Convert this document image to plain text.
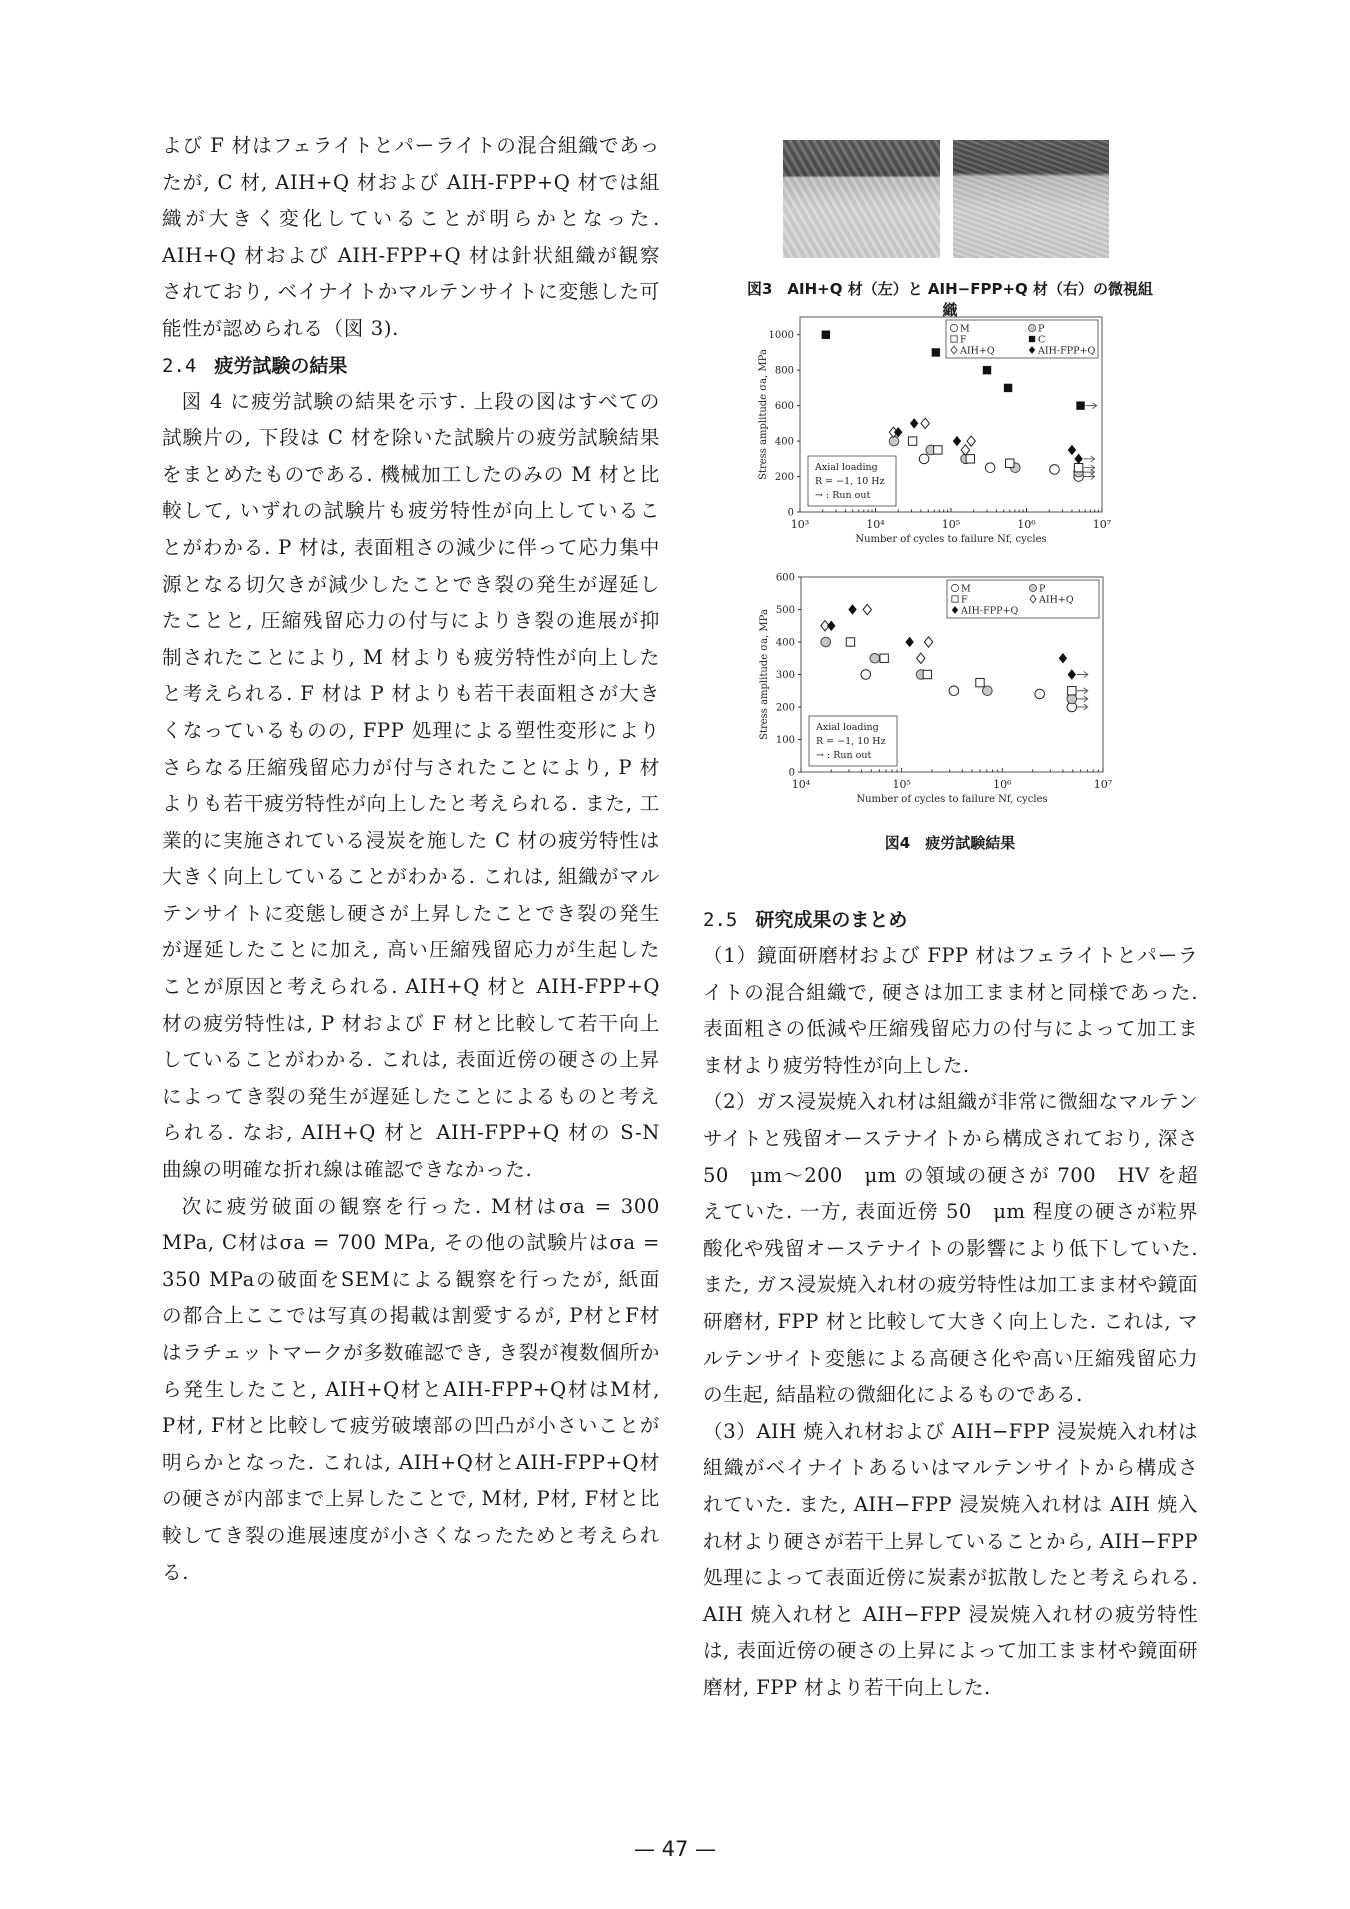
よび F 材はフェライトとパーライトの混合組織であったが, C 材, AIH+Q 材および AIH-FPP+Q 材では組織が大きく変化していることが明らかとなった. AIH+Q 材および AIH-FPP+Q 材は針状組織が観察されており, ベイナイトかマルテンサイトに変態した可能性が認められる（図 3).

2.4 疲労試験の結果

図 4 に疲労試験の結果を示す. 上段の図はすべての試験片の, 下段は C 材を除いた試験片の疲労試験結果をまとめたものである. 機械加工したのみの M 材と比較して, いずれの試験片も疲労特性が向上していることがわかる. P 材は, 表面粗さの減少に伴って応力集中源となる切欠きが減少したことでき裂の発生が遅延したことと, 圧縮残留応力の付与によりき裂の進展が抑制されたことにより, M 材よりも疲労特性が向上したと考えられる. F 材は P 材よりも若干表面粗さが大きくなっているものの, FPP 処理による塑性変形によりさらなる圧縮残留応力が付与されたことにより, P 材よりも若干疲労特性が向上したと考えられる. また, 工業的に実施されている浸炭を施した C 材の疲労特性は大きく向上していることがわかる. これは, 組織がマルテンサイトに変態し硬さが上昇したことでき裂の発生が遅延したことに加え, 高い圧縮残留応力が生起したことが原因と考えられる. AIH+Q 材と AIH-FPP+Q 材の疲労特性は, P 材および F 材と比較して若干向上していることがわかる. これは, 表面近傍の硬さの上昇によってき裂の発生が遅延したことによるものと考えられる. なお, AIH+Q 材と AIH-FPP+Q 材の S-N 曲線の明確な折れ線は確認できなかった.

次に疲労破面の観察を行った. M材はσa = 300 MPa, C材はσa = 700 MPa, その他の試験片はσa = 350 MPaの破面をSEMによる観察を行ったが, 紙面の都合上ここでは写真の掲載は割愛するが, P材とF材はラチェットマークが多数確認でき, き裂が複数個所から発生したこと, AIH+Q材とAIH-FPP+Q材はM材, P材, F材と比較して疲労破壊部の凹凸が小さいことが明らかとなった. これは, AIH+Q材とAIH-FPP+Q材の硬さが内部まで上昇したことで, M材, P材, F材と比較してき裂の進展速度が小さくなったためと考えられる.

図3　AIH+Q 材（左）と AIH−FPP+Q 材（右）の微視組織
0
200
400
600
800
1000
10³	10⁴	10⁵	10⁶	10⁷
Number of cycles to failure Nf, cycles
Stress amplitude σa, MPa	Axial loading
R = −1, 10 Hz
→ : Run out
M	P
F	C
AIH+Q	AIH-FPP+Q
0
100
200
300
400
500
600
10⁴	10⁵	10⁶	10⁷
Number of cycles to failure Nf, cycles
Stress amplitude σa, MPa	Axial loading
R = −1, 10 Hz
→ : Run out
M	P
F	AIH+Q
AIH-FPP+Q
図4　疲労試験結果
2.5 研究成果のまとめ

（1）鏡面研磨材および FPP 材はフェライトとパーライトの混合組織で, 硬さは加工まま材と同様であった. 表面粗さの低減や圧縮残留応力の付与によって加工まま材より疲労特性が向上した.

（2）ガス浸炭焼入れ材は組織が非常に微細なマルテンサイトと残留オーステナイトから構成されており, 深さ 50　μm～200　μm の領域の硬さが 700　HV を超えていた. 一方, 表面近傍 50　μm 程度の硬さが粒界酸化や残留オーステナイトの影響により低下していた. また, ガス浸炭焼入れ材の疲労特性は加工まま材や鏡面研磨材, FPP 材と比較して大きく向上した. これは, マルテンサイト変態による高硬さ化や高い圧縮残留応力の生起, 結晶粒の微細化によるものである.

（3）AIH 焼入れ材および AIH−FPP 浸炭焼入れ材は組織がベイナイトあるいはマルテンサイトから構成されていた. また, AIH−FPP 浸炭焼入れ材は AIH 焼入れ材より硬さが若干上昇していることから, AIH−FPP 処理によって表面近傍に炭素が拡散したと考えられる. AIH 焼入れ材と AIH−FPP 浸炭焼入れ材の疲労特性は, 表面近傍の硬さの上昇によって加工まま材や鏡面研磨材, FPP 材より若干向上した.

— 47 —
